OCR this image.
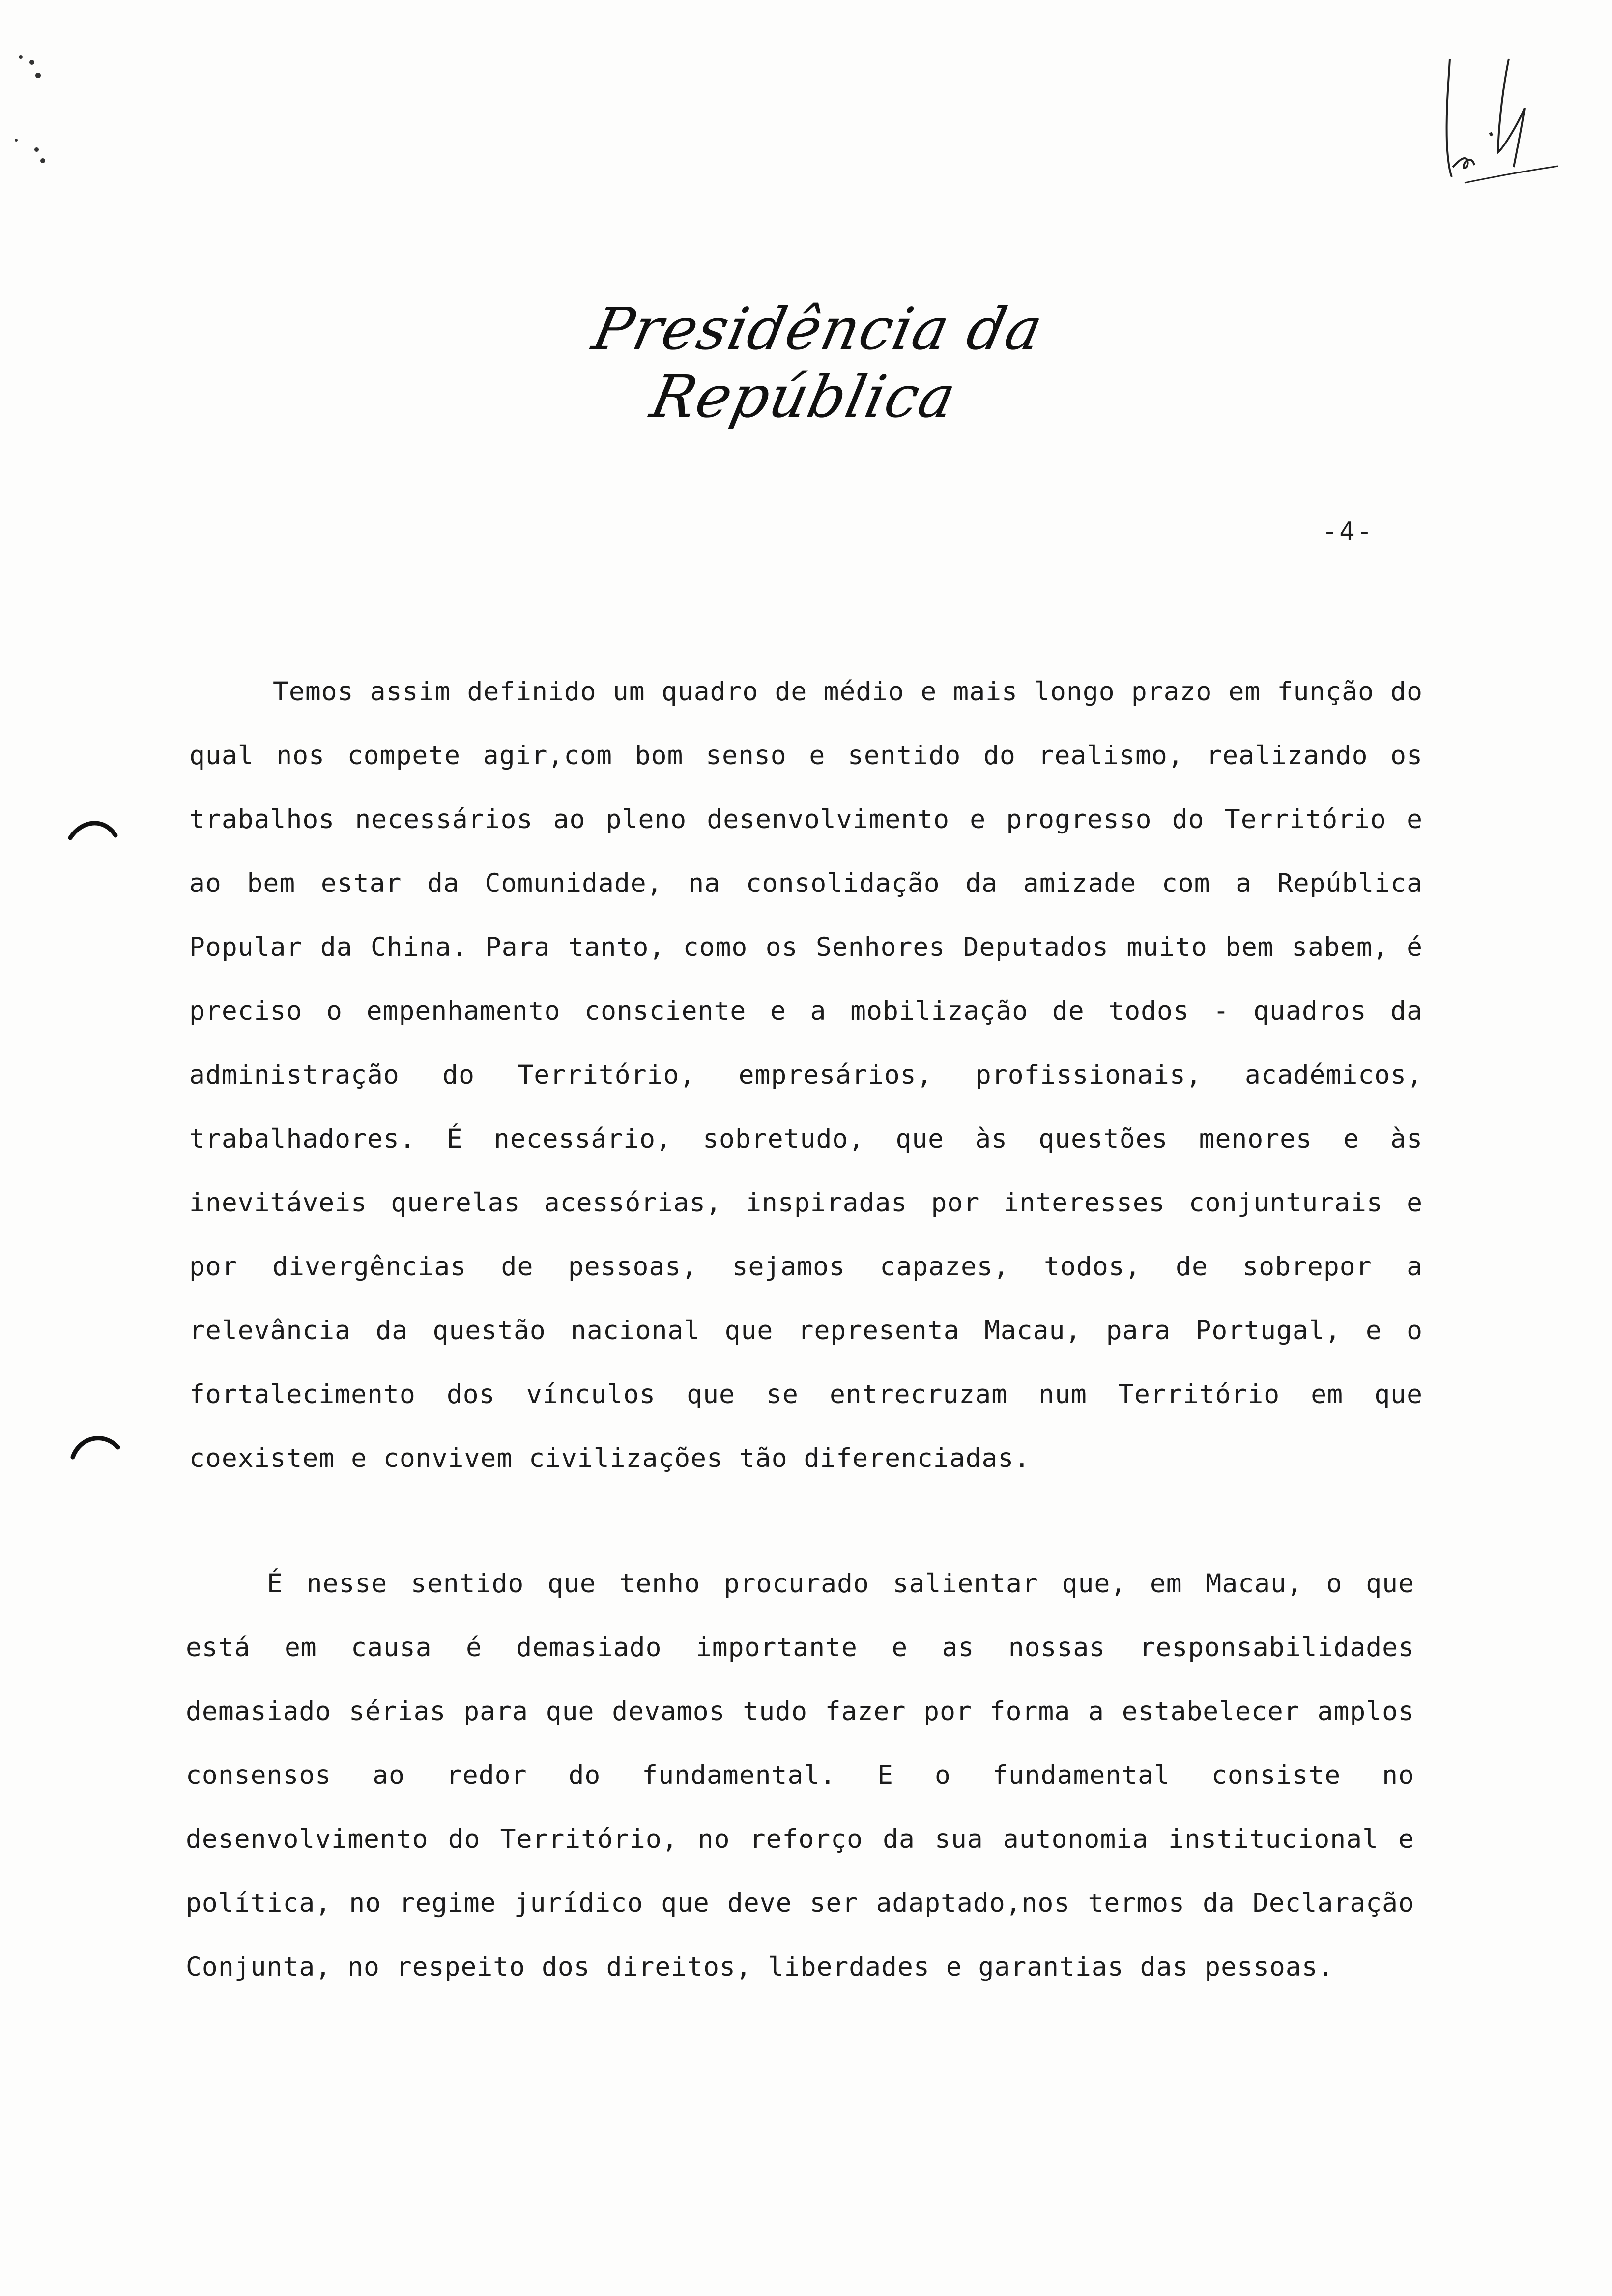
Presidência da República
-4-

Temos assim definido um quadro de médio e mais longo prazo em função do qual nos compete agir,com bom senso e sentido do realismo, realizando os trabalhos necessários ao pleno desenvolvimento e progresso do Território e ao bem estar da Comunidade, na consolidação da amizade com a República Popular da China. Para tanto, como os Senhores Deputados muito bem sabem, é preciso o empenhamento consciente e a mobilização de todos - quadros da administração do Território, empresários, profissionais, académicos, trabalhadores. É necessário, sobretudo, que às questões menores e às inevitáveis querelas acessórias, inspiradas por interesses conjunturais e por divergências de pessoas, sejamos capazes, todos, de sobrepor a relevância da questão nacional que representa Macau, para Portugal, e o fortalecimento dos vínculos que se entrecruzam num Território em que coexistem e convivem civilizações tão diferenciadas.

É nesse sentido que tenho procurado salientar que, em Macau, o que está em causa é demasiado importante e as nossas responsabilidades demasiado sérias para que devamos tudo fazer por forma a estabelecer amplos consensos ao redor do fundamental. E o fundamental consiste no desenvolvimento do Território, no reforço da sua autonomia institucional e política, no regime jurídico que deve ser adaptado,nos termos da Declaração Conjunta, no respeito dos direitos, liberdades e garantias das pessoas.
